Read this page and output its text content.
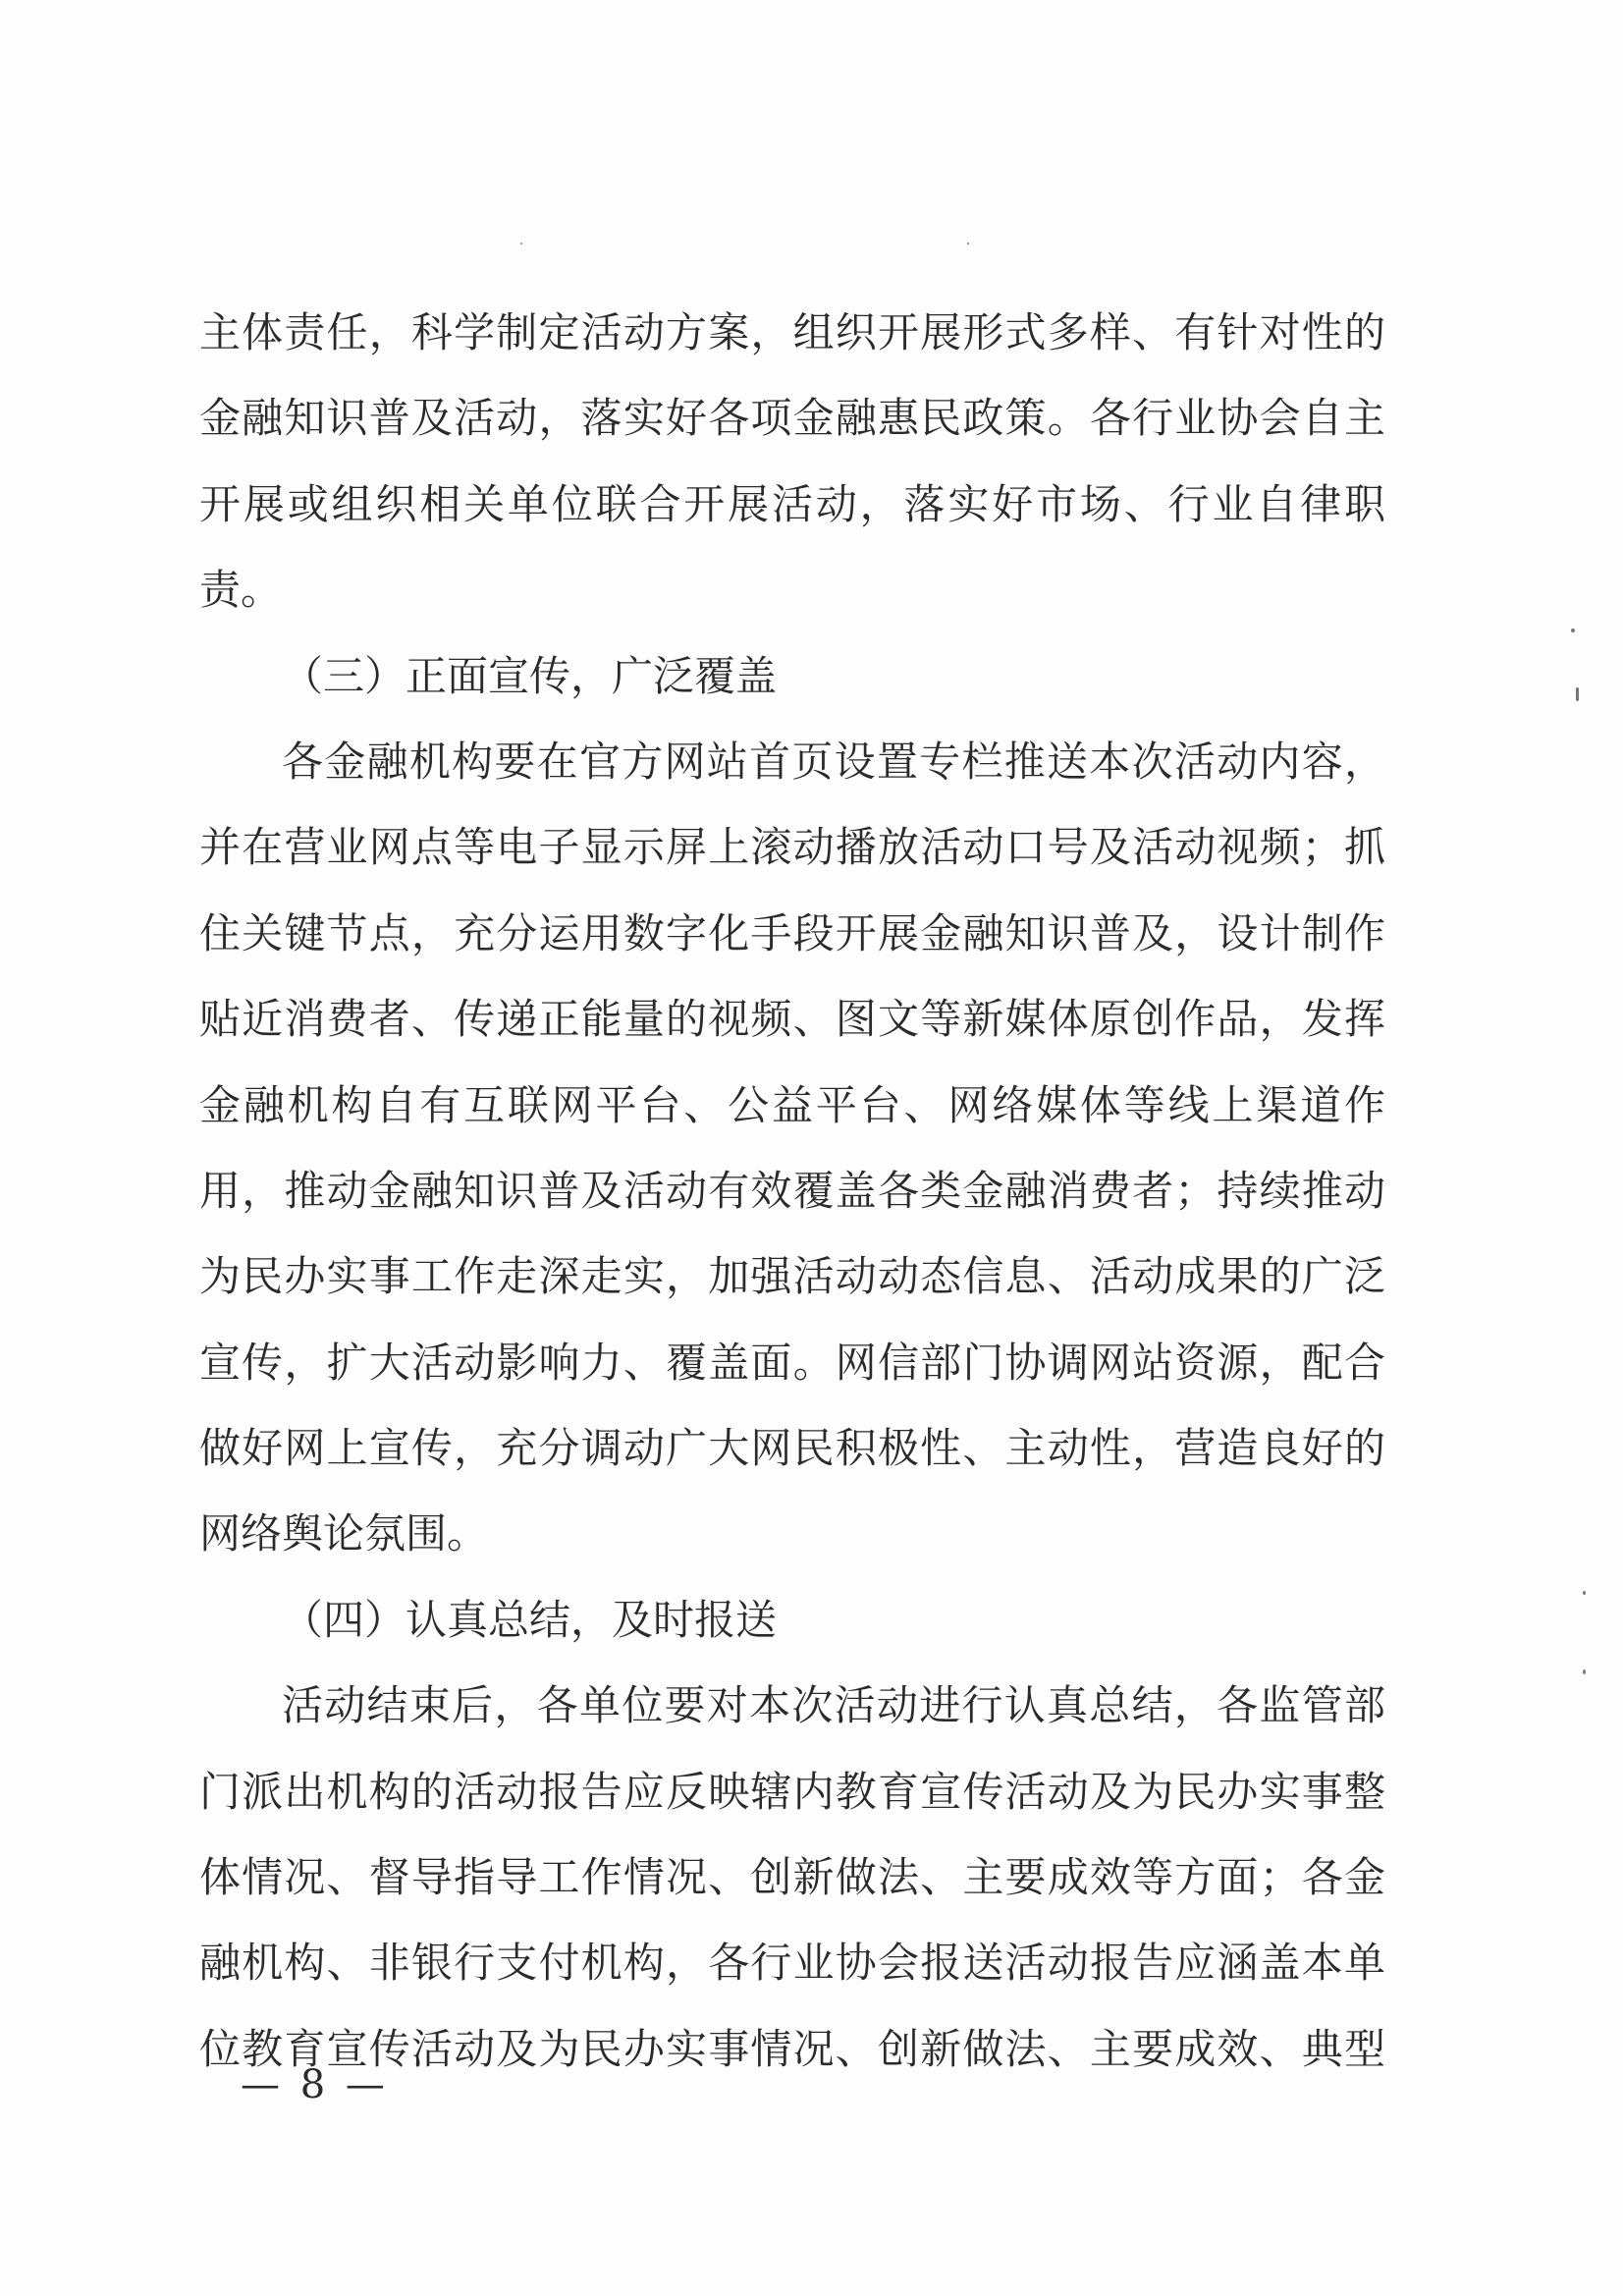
主体责任，科学制定活动方案，组织开展形式多样、有针对性的
金融知识普及活动，落实好各项金融惠民政策。各行业协会自主
开展或组织相关单位联合开展活动，落实好市场、行业自律职
责。
（三）正面宣传，广泛覆盖
各金融机构要在官方网站首页设置专栏推送本次活动内容，
并在营业网点等电子显示屏上滚动播放活动口号及活动视频；抓
住关键节点，充分运用数字化手段开展金融知识普及，设计制作
贴近消费者、传递正能量的视频、图文等新媒体原创作品，发挥
金融机构自有互联网平台、公益平台、网络媒体等线上渠道作
用，推动金融知识普及活动有效覆盖各类金融消费者；持续推动
为民办实事工作走深走实，加强活动动态信息、活动成果的广泛
宣传，扩大活动影响力、覆盖面。网信部门协调网站资源，配合
做好网上宣传，充分调动广大网民积极性、主动性，营造良好的
网络舆论氛围。
（四）认真总结，及时报送
活动结束后，各单位要对本次活动进行认真总结，各监管部
门派出机构的活动报告应反映辖内教育宣传活动及为民办实事整
体情况、督导指导工作情况、创新做法、主要成效等方面；各金
融机构、非银行支付机构，各行业协会报送活动报告应涵盖本单
位教育宣传活动及为民办实事情况、创新做法、主要成效、典型
— 8 —
